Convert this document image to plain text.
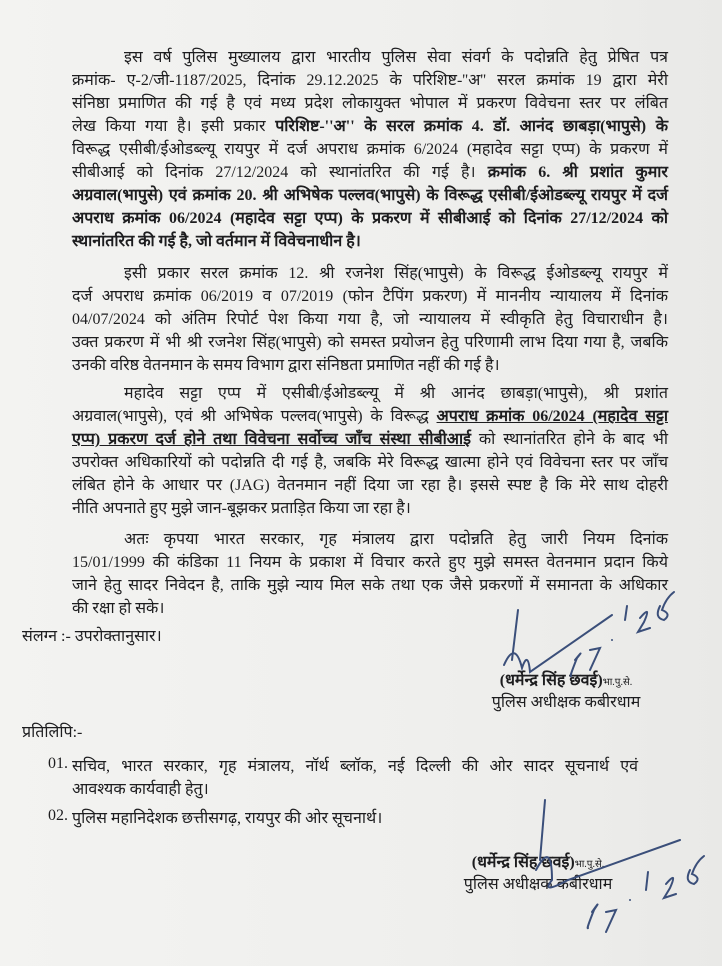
इस वर्ष पुलिस मुख्यालय द्वारा भारतीय पुलिस सेवा संवर्ग के पदोन्नति हेतु प्रेषित पत्र
क्रमांक- ए-2/जी-1187/2025, दिनांक 29.12.2025 के परिशिष्ट-''अ'' सरल क्रमांक 19 द्वारा मेरी
संनिष्ठा प्रमाणित की गई है एवं मध्य प्रदेश लोकायुक्त भोपाल में प्रकरण विवेचना स्तर पर लंबित
लेख किया गया है। इसी प्रकार परिशिष्ट-''अ'' के सरल क्रमांक 4. डॉ. आनंद छाबड़ा(भापुसे) के
विरूद्ध एसीबी/ईओडब्ल्यू रायपुर में दर्ज अपराध क्रमांक 6/2024 (महादेव सट्टा एप्प) के प्रकरण में
सीबीआई को दिनांक 27/12/2024 को स्थानांतरित की गई है। क्रमांक 6. श्री प्रशांत कुमार
अग्रवाल(भापुसे) एवं क्रमांक 20. श्री अभिषेक पल्लव(भापुसे) के विरूद्ध एसीबी/ईओडब्ल्यू रायपुर में दर्ज
अपराध क्रमांक 06/2024 (महादेव सट्टा एप्प) के प्रकरण में सीबीआई को दिनांक 27/12/2024 को
स्थानांतरित की गई है, जो वर्तमान में विवेचनाधीन है।
इसी प्रकार सरल क्रमांक 12. श्री रजनेश सिंह(भापुसे) के विरूद्ध ईओडब्ल्यू रायपुर में
दर्ज अपराध क्रमांक 06/2019 व 07/2019 (फोन टैपिंग प्रकरण) में माननीय न्यायालय में दिनांक
04/07/2024 को अंतिम रिपोर्ट पेश किया गया है, जो न्यायालय में स्वीकृति हेतु विचाराधीन है।
उक्त प्रकरण में भी श्री रजनेश सिंह(भापुसे) को समस्त प्रयोजन हेतु परिणामी लाभ दिया गया है, जबकि
उनकी वरिष्ठ वेतनमान के समय विभाग द्वारा संनिष्ठता प्रमाणित नहीं की गई है।
महादेव सट्टा एप्प में एसीबी/ईओडब्ल्यू में श्री आनंद छाबड़ा(भापुसे), श्री प्रशांत
अग्रवाल(भापुसे), एवं श्री अभिषेक पल्लव(भापुसे) के विरूद्ध अपराध क्रमांक 06/2024 (महादेव सट्टा
एप्प) प्रकरण दर्ज होने तथा विवेचना सर्वोच्च जाँच संस्था सीबीआई को स्थानांतरित होने के बाद भी
उपरोक्त अधिकारियों को पदोन्नति दी गई है, जबकि मेरे विरूद्ध खात्मा होने एवं विवेचना स्तर पर जाँच
लंबित होने के आधार पर (JAG) वेतनमान नहीं दिया जा रहा है। इससे स्पष्ट है कि मेरे साथ दोहरी
नीति अपनाते हुए मुझे जान-बूझकर प्रताड़ित किया जा रहा है।
अतः कृपया भारत सरकार, गृह मंत्रालय द्वारा पदोन्नति हेतु जारी नियम दिनांक
15/01/1999 की कंडिका 11 नियम के प्रकाश में विचार करते हुए मुझे समस्त वेतनमान प्रदान किये
जाने हेतु सादर निवेदन है, ताकि मुझे न्याय मिल सके तथा एक जैसे प्रकरणों में समानता के अधिकार
की रक्षा हो सके।
संलग्न :- उपरोक्तानुसार।
(धर्मेन्द्र सिंह छवई)भा.पु.से.
पुलिस अधीक्षक कबीरधाम
प्रतिलिपि:-
01. सचिव, भारत सरकार, गृह मंत्रालय, नॉर्थ ब्लॉक, नई दिल्ली की ओर सादर सूचनार्थ एवं
आवश्यक कार्यवाही हेतु।
02. पुलिस महानिदेशक छत्तीसगढ़, रायपुर की ओर सूचनार्थ।
(धर्मेन्द्र सिंह छवई)भा.पु.से.
पुलिस अधीक्षक कबीरधाम
